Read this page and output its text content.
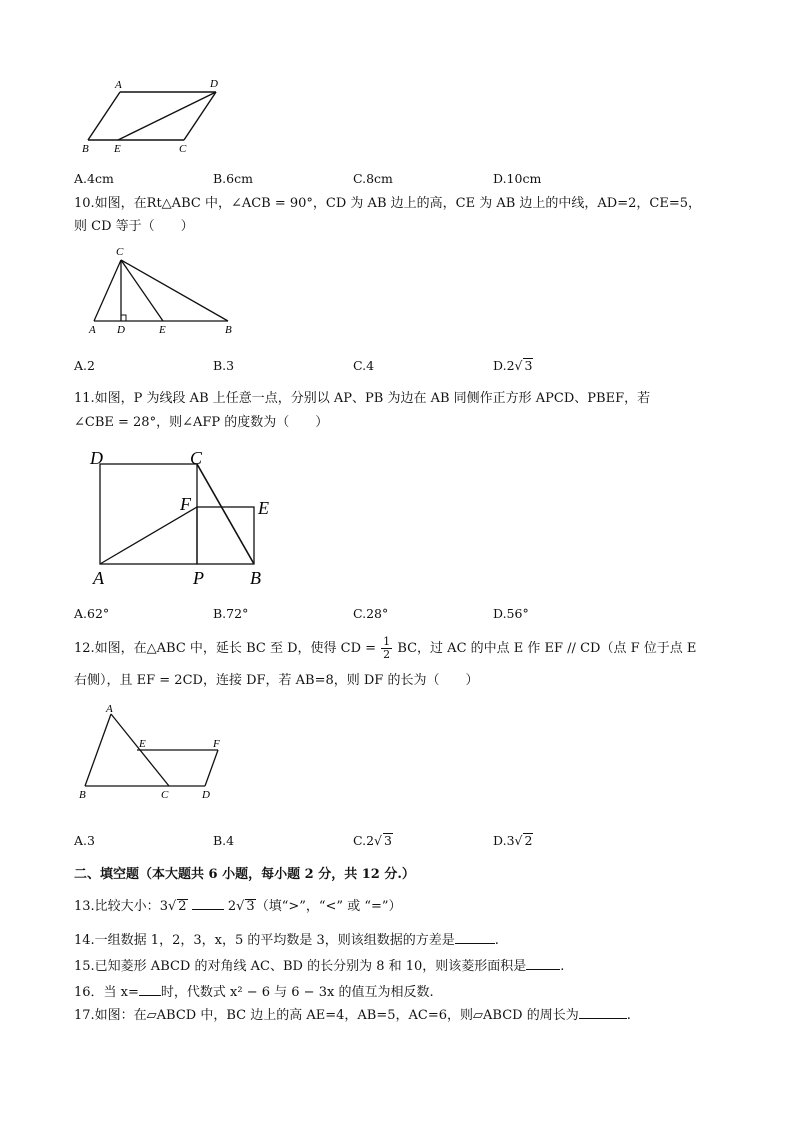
A	D
B E	C
A.4cm	B.6cm	C.8cm	D.10cm
10.如图，在Rt△ABC 中，∠ACB = 90°，CD 为 AB 边上的高，CE 为 AB 边上的中线，AD=2，CE=5，
则 CD 等于（　　）
C
A D	E	B
A.2	B.3	C.4	D.2√ 3
11.如图，P 为线段 AB 上任意一点，分别以 AP、PB 为边在 AB 同侧作正方形 APCD、PBEF，若
∠CBE = 28°，则∠AFP 的度数为（　　）
D	C
F	E
A	P	B
A.62°	B.72°	C.28°	D.56°
12.如图，在△ABC 中，延长 BC 至 D，使得 CD = $\frac{1}{2}$ BC，过 AC 的中点 E 作 EF // CD（点 F 位于点 E
右侧），且 EF = 2CD，连接 DF，若 AB=8，则 DF 的长为（　　）
A
E	F
B	C	D
A.3	B.4	C.2√ 3	D.3√ 2
二、填空题（本大题共 6 小题，每小题 2 分，共 12 分.）
13.比较大小：3√ 2	2√ 3（填“>”，“<” 或 “=”）
14.一组数据 1，2，3，x，5 的平均数是 3，则该组数据的方差是	.
15.已知菱形 ABCD 的对角线 AC、BD 的长分别为 8 和 10，则该菱形面积是	.
16．当 x= 时，代数式 x² − 6 与 6 − 3x 的值互为相反数.
17.如图：在▱ABCD 中，BC 边上的高 AE=4，AB=5，AC=6，则▱ABCD 的周长为	.
